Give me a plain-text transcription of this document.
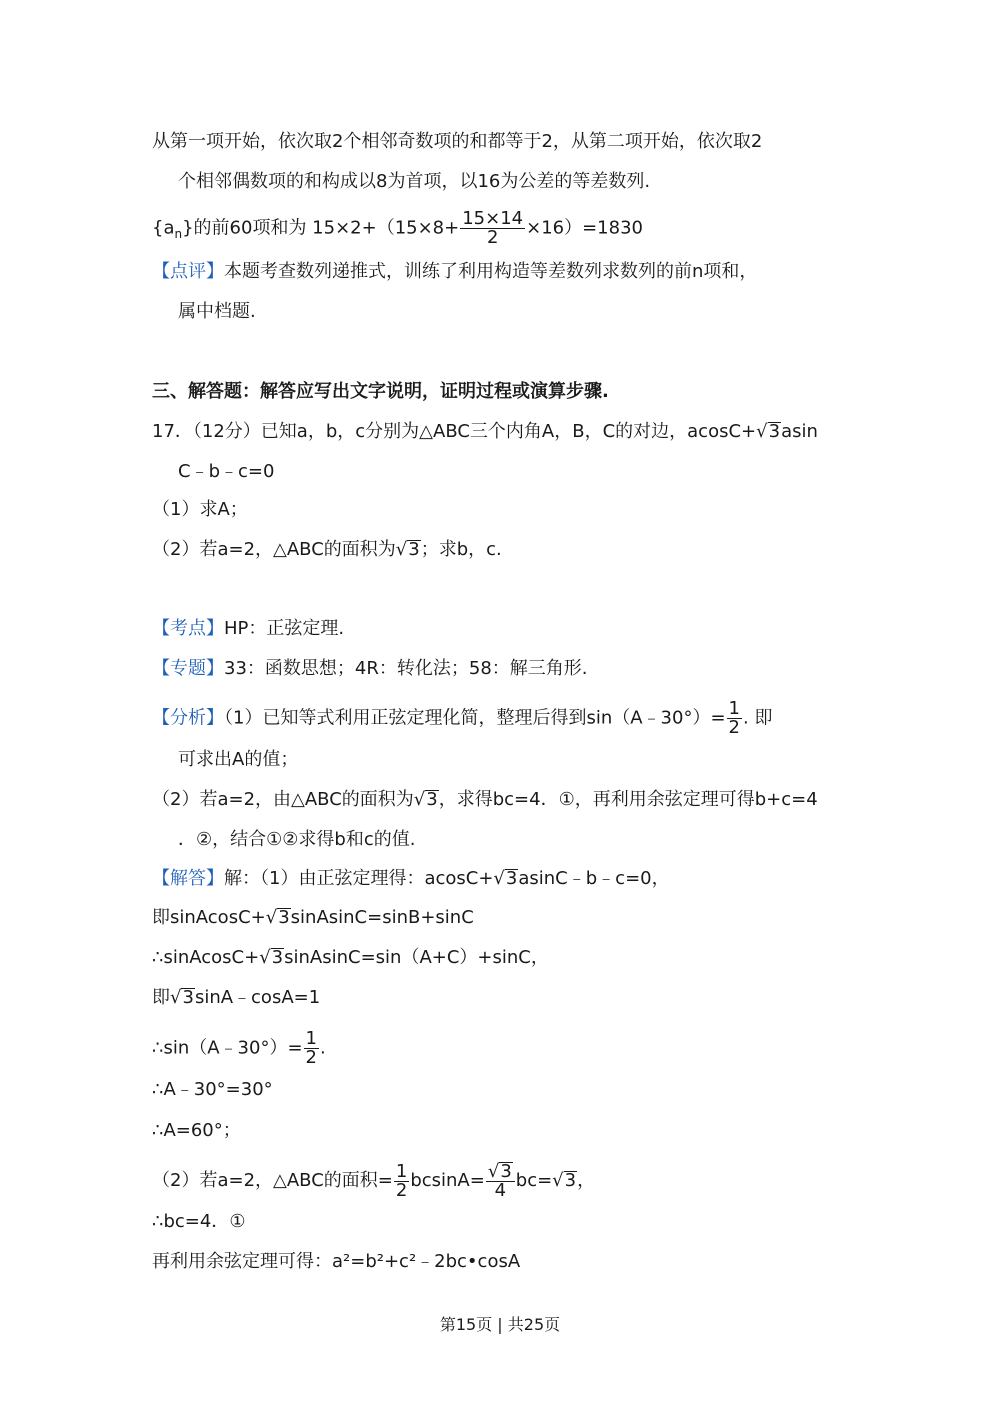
从第一项开始，依次取2个相邻奇数项的和都等于2，从第二项开始，依次取2
个相邻偶数项的和构成以8为首项，以16为公差的等差数列.
$\{a_n\}$的前60项和为 $15\times 2+(15\times 8+ \frac{15\times 14}{2} \times 16)=1830$
【点评】本题考查数列递推式，训练了利用构造等差数列求数列的前n项和，
属中档题.
三、解答题：解答应写出文字说明，证明过程或演算步骤.
17．（12分）已知a，b，c分别为△ABC三个内角A，B，C的对边，acosC+√3asin
C﹣b﹣c=0
（1）求A；
（2）若a=2，△ABC的面积为√3；求b，c.
【考点】HP：正弦定理.
【专题】33：函数思想；4R：转化法；58：解三角形.
【分析】（1）已知等式利用正弦定理化简，整理后得到sin（A﹣30°）= $\frac{1}{2}$ . 即
可求出A的值；
（2）若a=2，由△ABC的面积为√3，求得bc=4．①，再利用余弦定理可得b+c=4
．②，结合①②求得b和c的值.
【解答】解：（1）由正弦定理得：acosC+√3asinC﹣b﹣c=0，
即sinAcosC+√3sinAsinC=sinB+sinC
∴sinAcosC+√3sinAsinC=sin（A+C）+sinC，
即√3sinA﹣cosA=1
∴sin（A﹣30°）= $\frac{1}{2}$ .
∴A﹣30°=30°
∴A=60°；
（2）若a=2，△ABC的面积= $\frac{1}{2} bcsinA= \frac{√3}{4} bc=√3$，
∴bc=4．①
再利用余弦定理可得：a²=b²+c²﹣2bc•cosA
第15页 | 共25页
